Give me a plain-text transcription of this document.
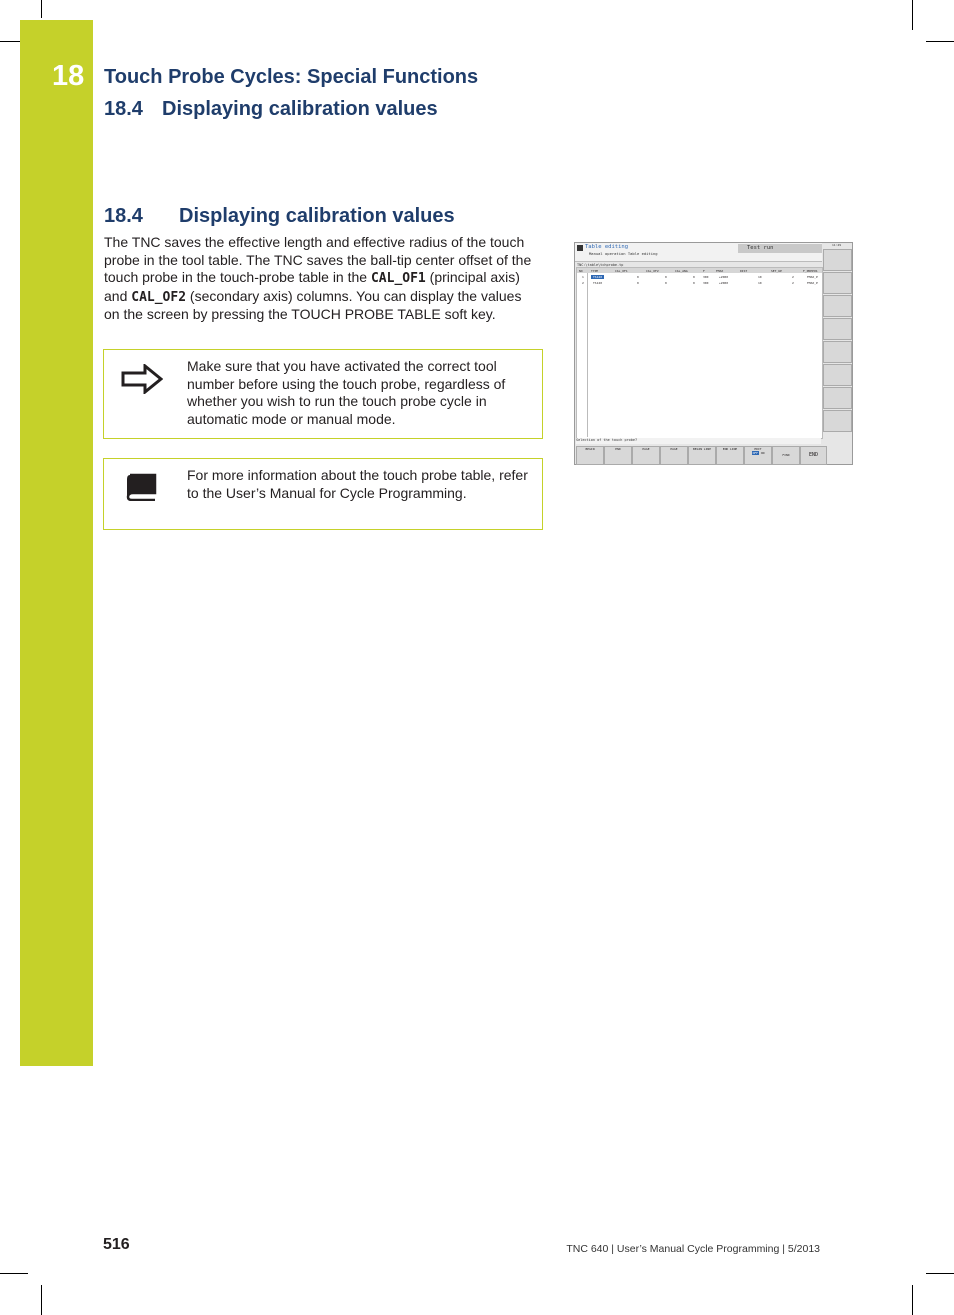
18 Touch Probe Cycles: Special Functions
18.4 Displaying calibration values
18.4 Displaying calibration values
The TNC saves the effective length and effective radius of the touch probe in the tool table. The TNC saves the ball-tip center offset of the touch probe in the touch-probe table in the CAL_OF1 (principal axis) and CAL_OF2 (secondary axis) columns. You can display the values on the screen by pressing the TOUCH PROBE TABLE soft key.
Make sure that you have activated the correct tool number before using the touch probe, regardless of whether you wish to run the touch probe cycle in automatic mode or manual mode.
For more information about the touch probe table, refer to the User’s Manual for Cycle Programming.
Table editing
Manual operation Table editing
Test run	11:49
TNC:\table\tchprobe.tp
NO	TYPE	CAL_OF1	CAL_OF2	CAL_ANG	F	FMAX	DIST	SET_UP	F_PREPOS
1	TS120	0	0	0	300	+2000	10	2	FMAX_P
2	TS120	0	0	0	300	+2000	10	2	FMAX_P
Selection of the touch probe?
BEGIN	END	PAGE	PAGE	BEGIN LINE	END LINE	EDIT
OFF ON	FIND	END
516	TNC 640 | User’s Manual Cycle Programming | 5/2013
